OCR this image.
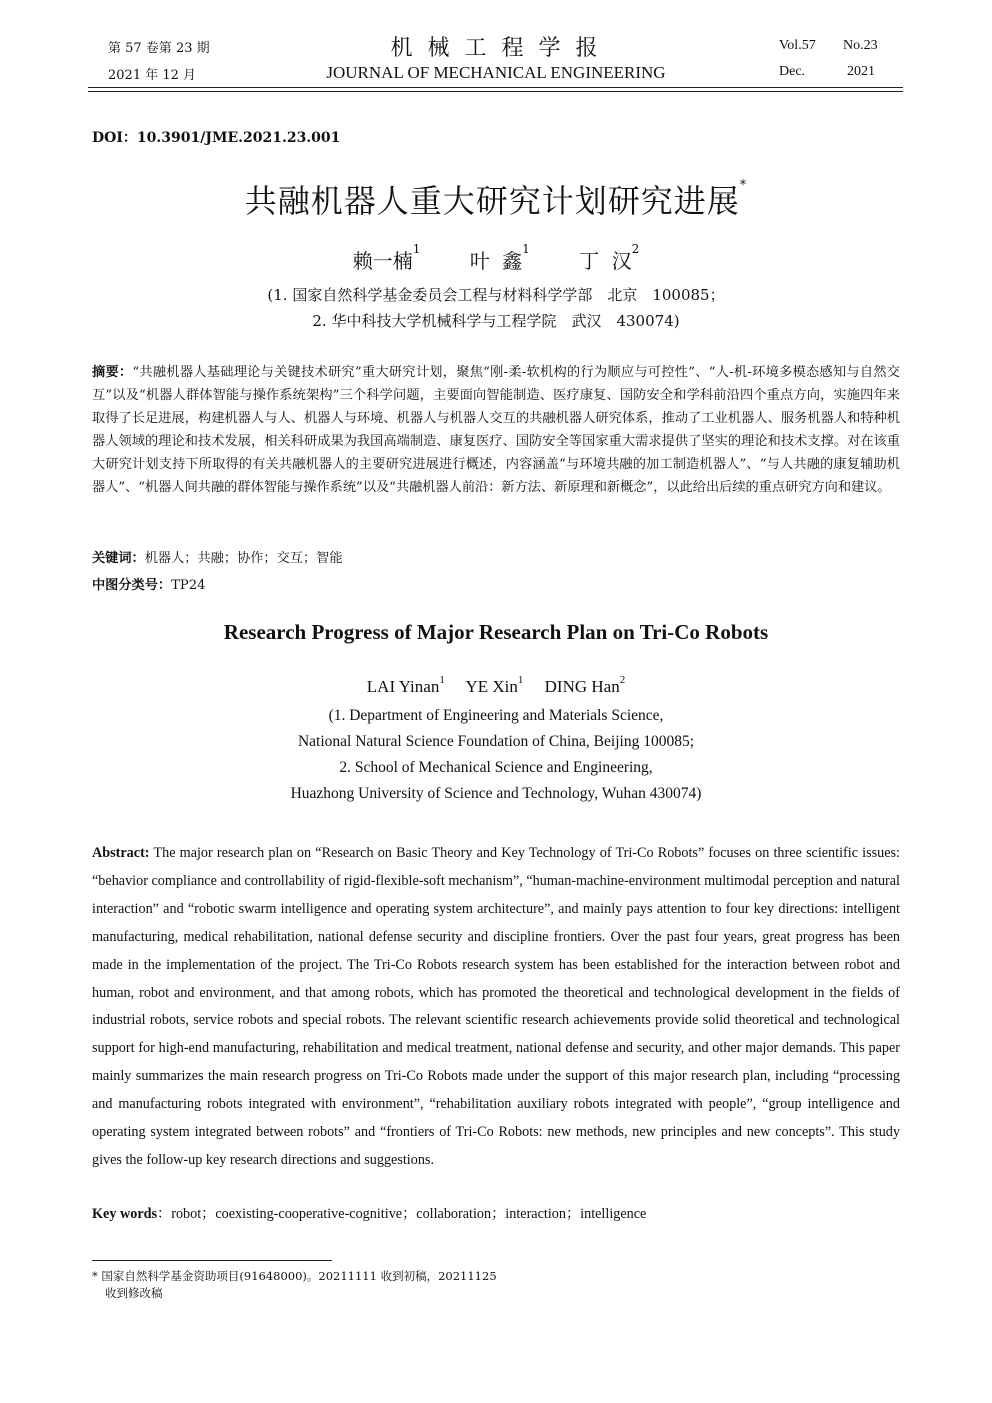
第 57 卷第 23 期
2021 年 12 月
机 械 工 程 学 报
JOURNAL OF MECHANICAL ENGINEERING
Vol.57 No.23
Dec.	2021
DOI：10.3901/JME.2021.23.001
共融机器人重大研究计划研究进展*
赖一楠$^1$ 叶 鑫$^1$ 丁 汉$^2$
(1. 国家自然科学基金委员会工程与材料科学学部　北京　100085；
2. 华中科技大学机械科学与工程学院　武汉　430074)
摘要：“共融机器人基础理论与关键技术研究”重大研究计划，聚焦“刚-柔-软机构的行为顺应与可控性”、“人-机-环境多模态感知与自然交互”以及“机器人群体智能与操作系统架构”三个科学问题，主要面向智能制造、医疗康复、国防安全和学科前沿四个重点方向，实施四年来取得了长足进展，构建机器人与人、机器人与环境、机器人与机器人交互的共融机器人研究体系，推动了工业机器人、服务机器人和特种机器人领域的理论和技术发展，相关科研成果为我国高端制造、康复医疗、国防安全等国家重大需求提供了坚实的理论和技术支撑。对在该重大研究计划支持下所取得的有关共融机器人的主要研究进展进行概述，内容涵盖“与环境共融的加工制造机器人”、“与人共融的康复辅助机器人”、“机器人间共融的群体智能与操作系统”以及“共融机器人前沿：新方法、新原理和新概念”，以此给出后续的重点研究方向和建议。
关键词：机器人；共融；协作；交互；智能
中图分类号：TP24
Research Progress of Major Research Plan on Tri-Co Robots
LAI Yinan$^1$ YE Xin$^1$ DING Han$^2$
(1. Department of Engineering and Materials Science,
National Natural Science Foundation of China, Beijing 100085;
2. School of Mechanical Science and Engineering,
Huazhong University of Science and Technology, Wuhan 430074)
Abstract: The major research plan on “Research on Basic Theory and Key Technology of Tri-Co Robots” focuses on three scientific issues: “behavior compliance and controllability of rigid-flexible-soft mechanism”, “human-machine-environment multimodal perception and natural interaction” and “robotic swarm intelligence and operating system architecture”, and mainly pays attention to four key directions: intelligent manufacturing, medical rehabilitation, national defense security and discipline frontiers. Over the past four years, great progress has been made in the implementation of the project. The Tri-Co Robots research system has been established for the interaction between robot and human, robot and environment, and that among robots, which has promoted the theoretical and technological development in the fields of industrial robots, service robots and special robots. The relevant scientific research achievements provide solid theoretical and technological support for high-end manufacturing, rehabilitation and medical treatment, national defense and security, and other major demands. This paper mainly summarizes the main research progress on Tri-Co Robots made under the support of this major research plan, including “processing and manufacturing robots integrated with environment”, “rehabilitation auxiliary robots integrated with people”, “group intelligence and operating system integrated between robots” and “frontiers of Tri-Co Robots: new methods, new principles and new concepts”. This study gives the follow-up key research directions and suggestions.
Key words：robot；coexisting-cooperative-cognitive；collaboration；interaction；intelligence
* 国家自然科学基金资助项目(91648000)。20211111 收到初稿，20211125
收到修改稿
